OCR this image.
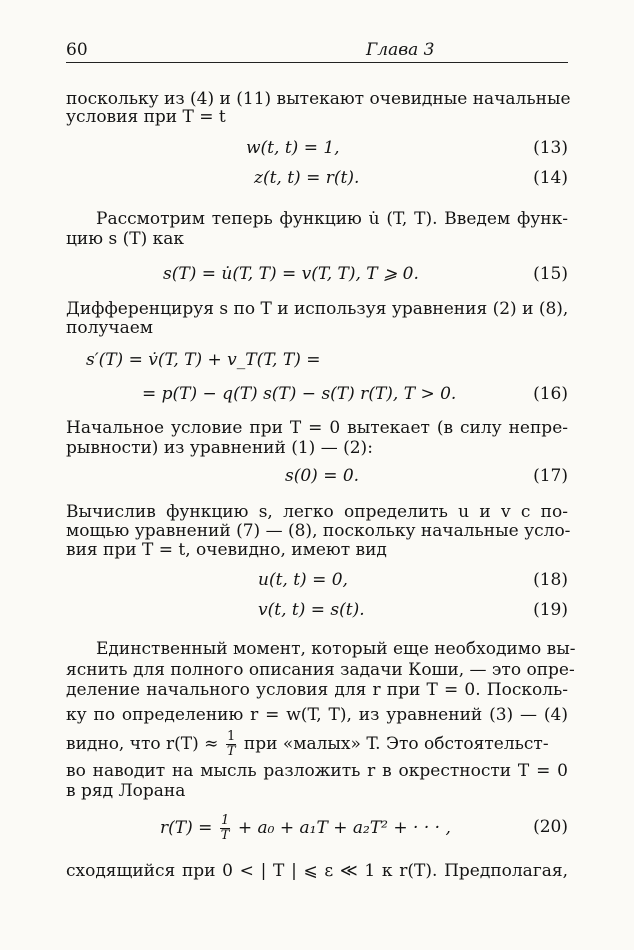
60	Глава 3
поскольку из (4) и (11) вытекают очевидные начальные
условия при T = t
w(t, t) = 1,	(13)
z(t, t) = r(t).	(14)
Рассмотрим теперь функцию u̇ (T, T). Введем функ-
цию s (T) как
s(T) = u̇(T, T) = v(T, T), T ⩾ 0.	(15)
Дифференцируя s по T и используя уравнения (2) и (8),
получаем
s′(T) = v̇(T, T) + v_T(T, T) =
= p(T) − q(T) s(T) − s(T) r(T), T > 0.	(16)
Начальное условие при T = 0 вытекает (в силу непре-
рывности) из уравнений (1) — (2):
s(0) = 0.	(17)
Вычислив функцию s, легко определить u и v с по-
мощью уравнений (7) — (8), поскольку начальные усло-
вия при T = t, очевидно, имеют вид
u(t, t) = 0,	(18)
v(t, t) = s(t).	(19)
Единственный момент, который еще необходимо вы-
яснить для полного описания задачи Коши, — это опре-
деление начального условия для r при T = 0. Посколь-
ку по определению r = w(T, T), из уравнений (3) — (4)
видно, что $r(T) \approx \frac{1}{T}$ при «малых» T. Это обстоятельст-
во наводит на мысль разложить r в окрестности T = 0
в ряд Лорана
$r(T) = \frac{1}{T} + a_0 + a_1T + a_2T^2$ + · · · ,	(20)
сходящийся при 0 < | T | ⩽ ε ≪ 1 к r(T). Предполагая,
